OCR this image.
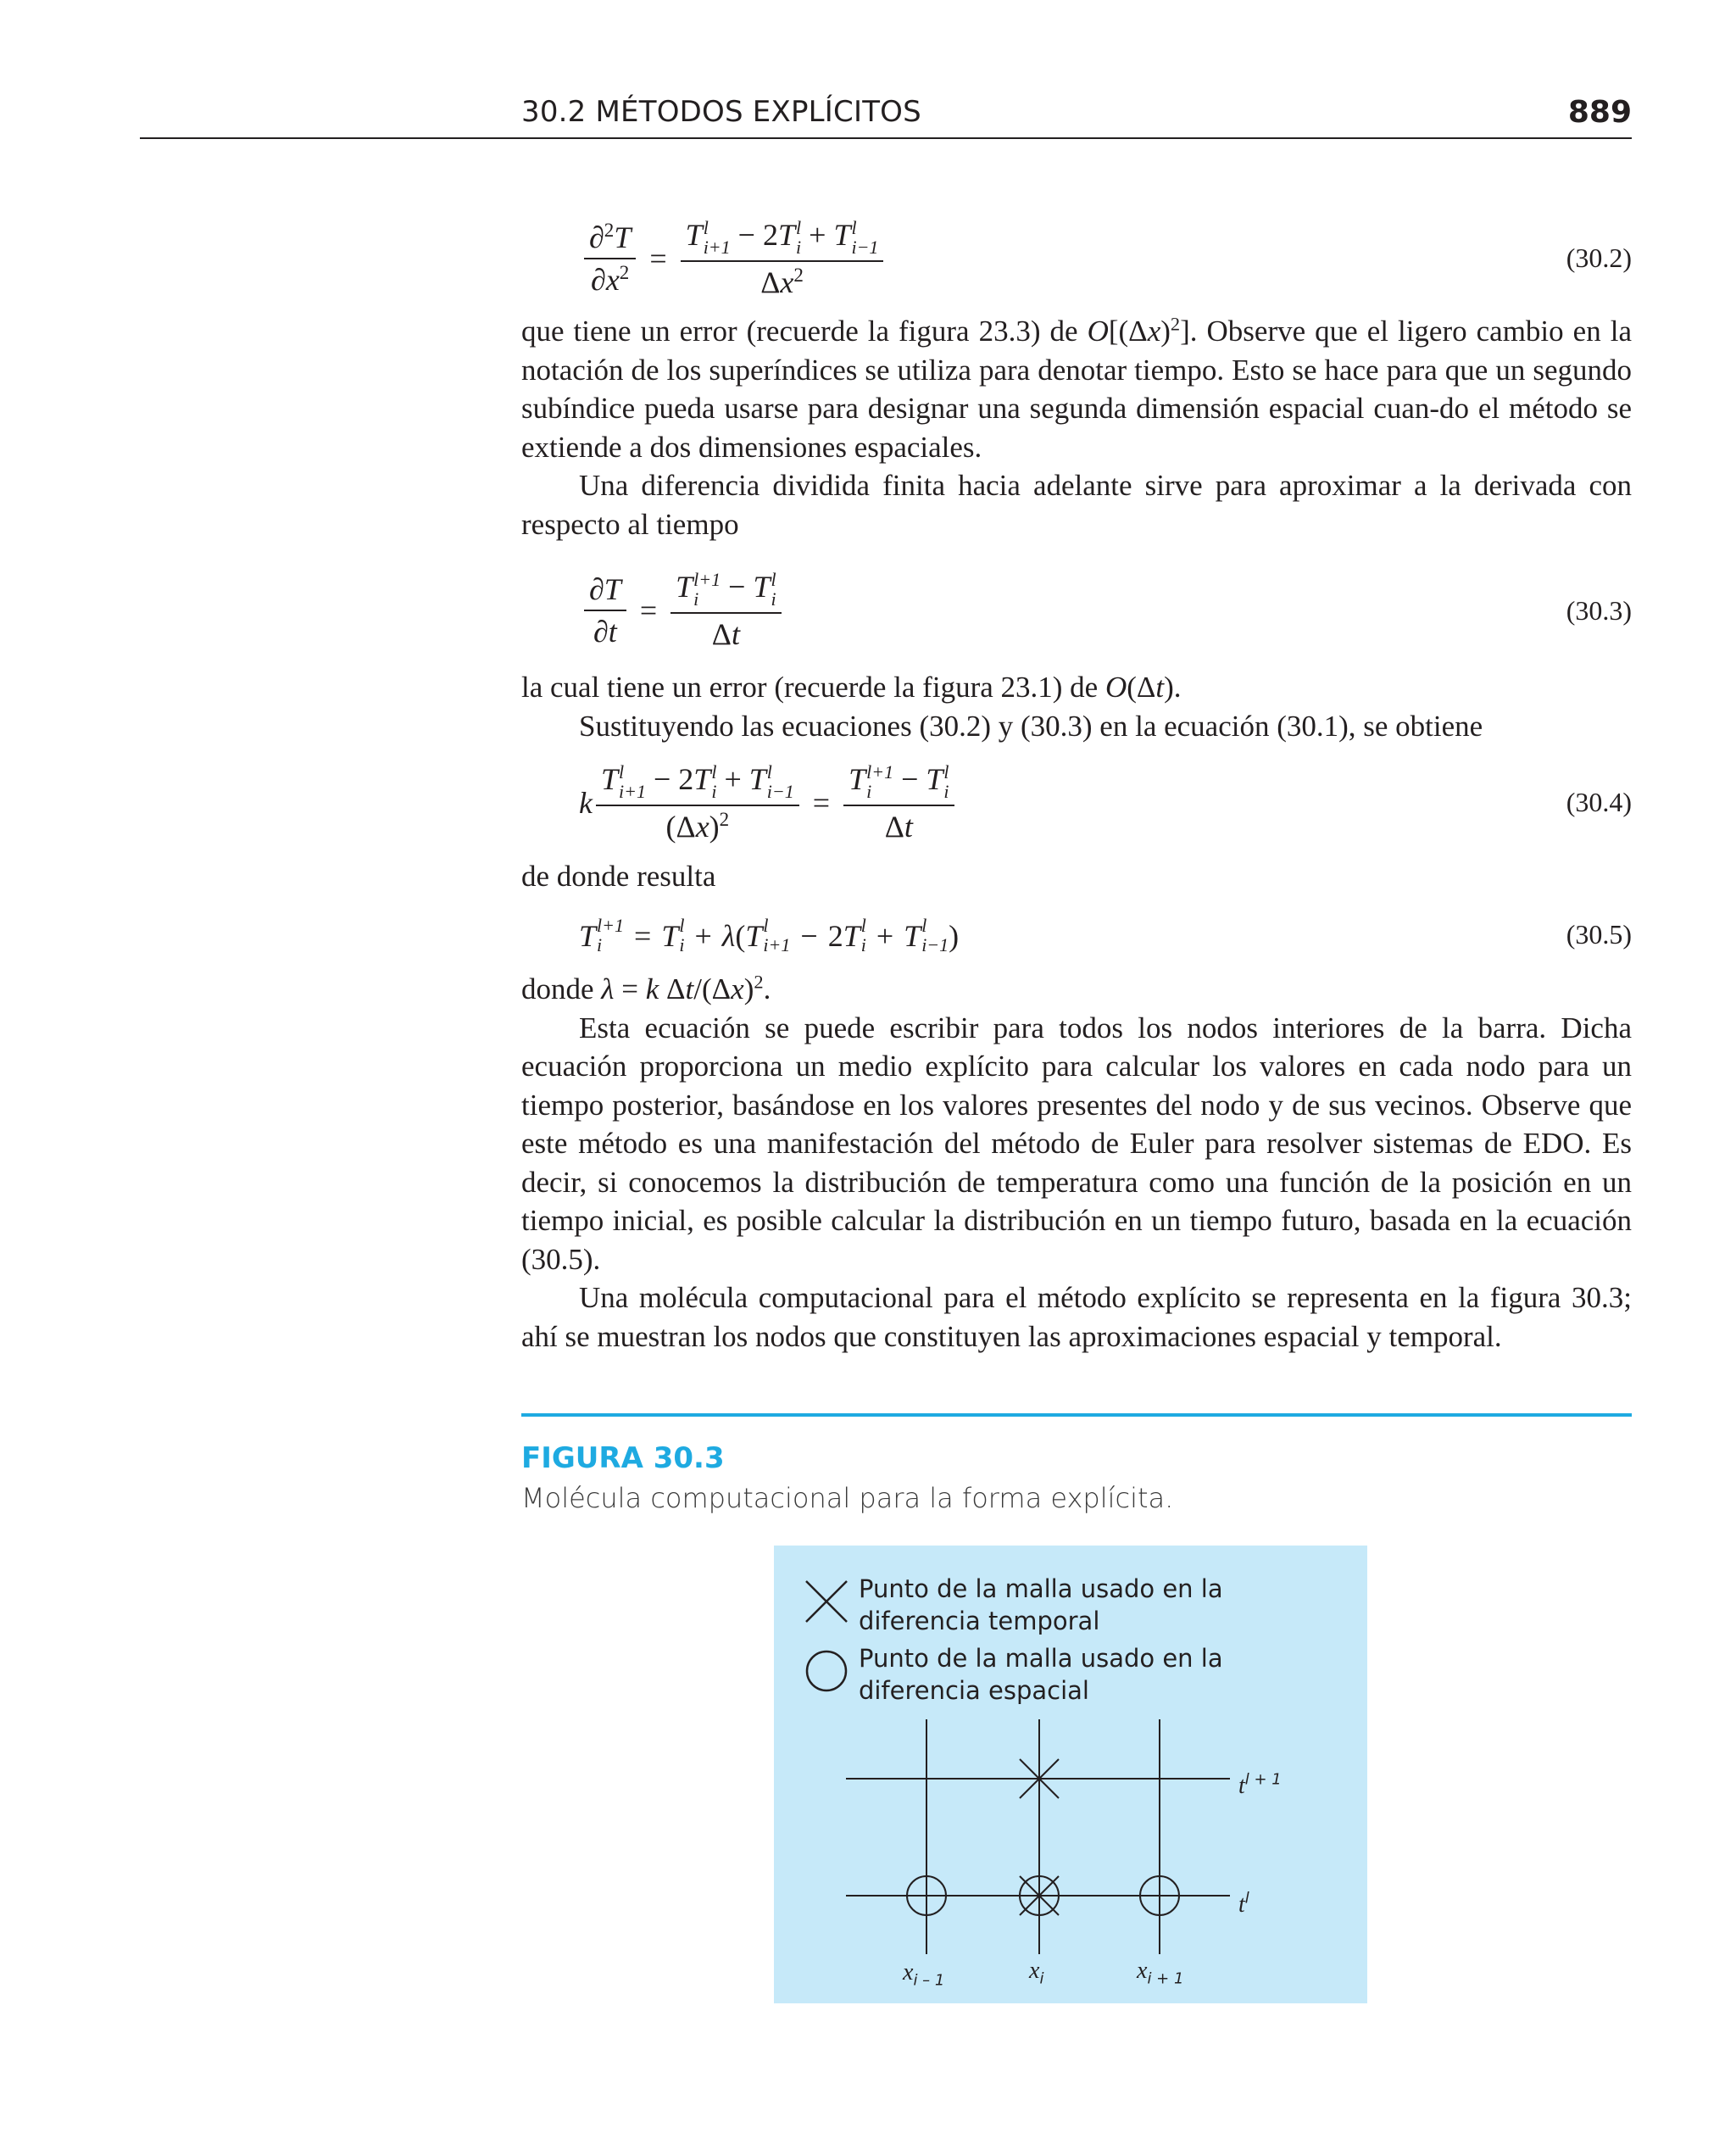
30.2 MÉTODOS EXPLÍCITOS	889
$\frac{\partial^2T}{\partial x^2} = T$ l
i+1 − 2T l
i + T l
i−1
$\Delta x^2$	(30.2)

que tiene un error (recuerde la figura 23.3) de $O[(\Delta x)^2]$. Observe que el ligero cambio en la notación de los superíndices se utiliza para denotar tiempo. Esto se hace para que un segundo subíndice pueda usarse para designar una segunda dimensión espacial cuan-do el método se extiende a dos dimensiones espaciales.

Una diferencia dividida finita hacia adelante sirve para aproximar a la derivada con respecto al tiempo

$\frac{\partial T}{\partial t} = T$ l+1
i − T l
i
Δt	(30.3)

la cual tiene un error (recuerde la figura 23.1) de O(Δt).

Sustituyendo las ecuaciones (30.2) y (30.3) en la ecuación (30.1), se obtiene

k T l
i+1 − 2T l
i + T l
i−1
$(\Delta x)^2 = T$ l+1
i − T l
i
Δt	(30.4)

de donde resulta

T l+1
i	= T l
i + λ ( T l
i+1 − 2 T l
i + T l
i−1 )	(30.5)

donde λ = k $\Delta t/(\Delta x)^2$.

Esta ecuación se puede escribir para todos los nodos interiores de la barra. Dicha ecuación proporciona un medio explícito para calcular los valores en cada nodo para un tiempo posterior, basándose en los valores presentes del nodo y de sus vecinos. Observe que este método es una manifestación del método de Euler para resolver sistemas de EDO. Es decir, si conocemos la distribución de temperatura como una función de la posición en un tiempo inicial, es posible calcular la distribución en un tiempo futuro, basada en la ecuación (30.5).

Una molécula computacional para el método explícito se representa en la figura 30.3; ahí se muestran los nodos que constituyen las aproximaciones espacial y temporal.

FIGURA 30.3
Molécula computacional para la forma explícita.
Punto de la malla usado en la diferencia temporal
Punto de la malla usado en la diferencia espacial
$t^{l + 1}$
$t^l$
$x_{i - 1}$	$x_i$	$x_{i + 1}$
